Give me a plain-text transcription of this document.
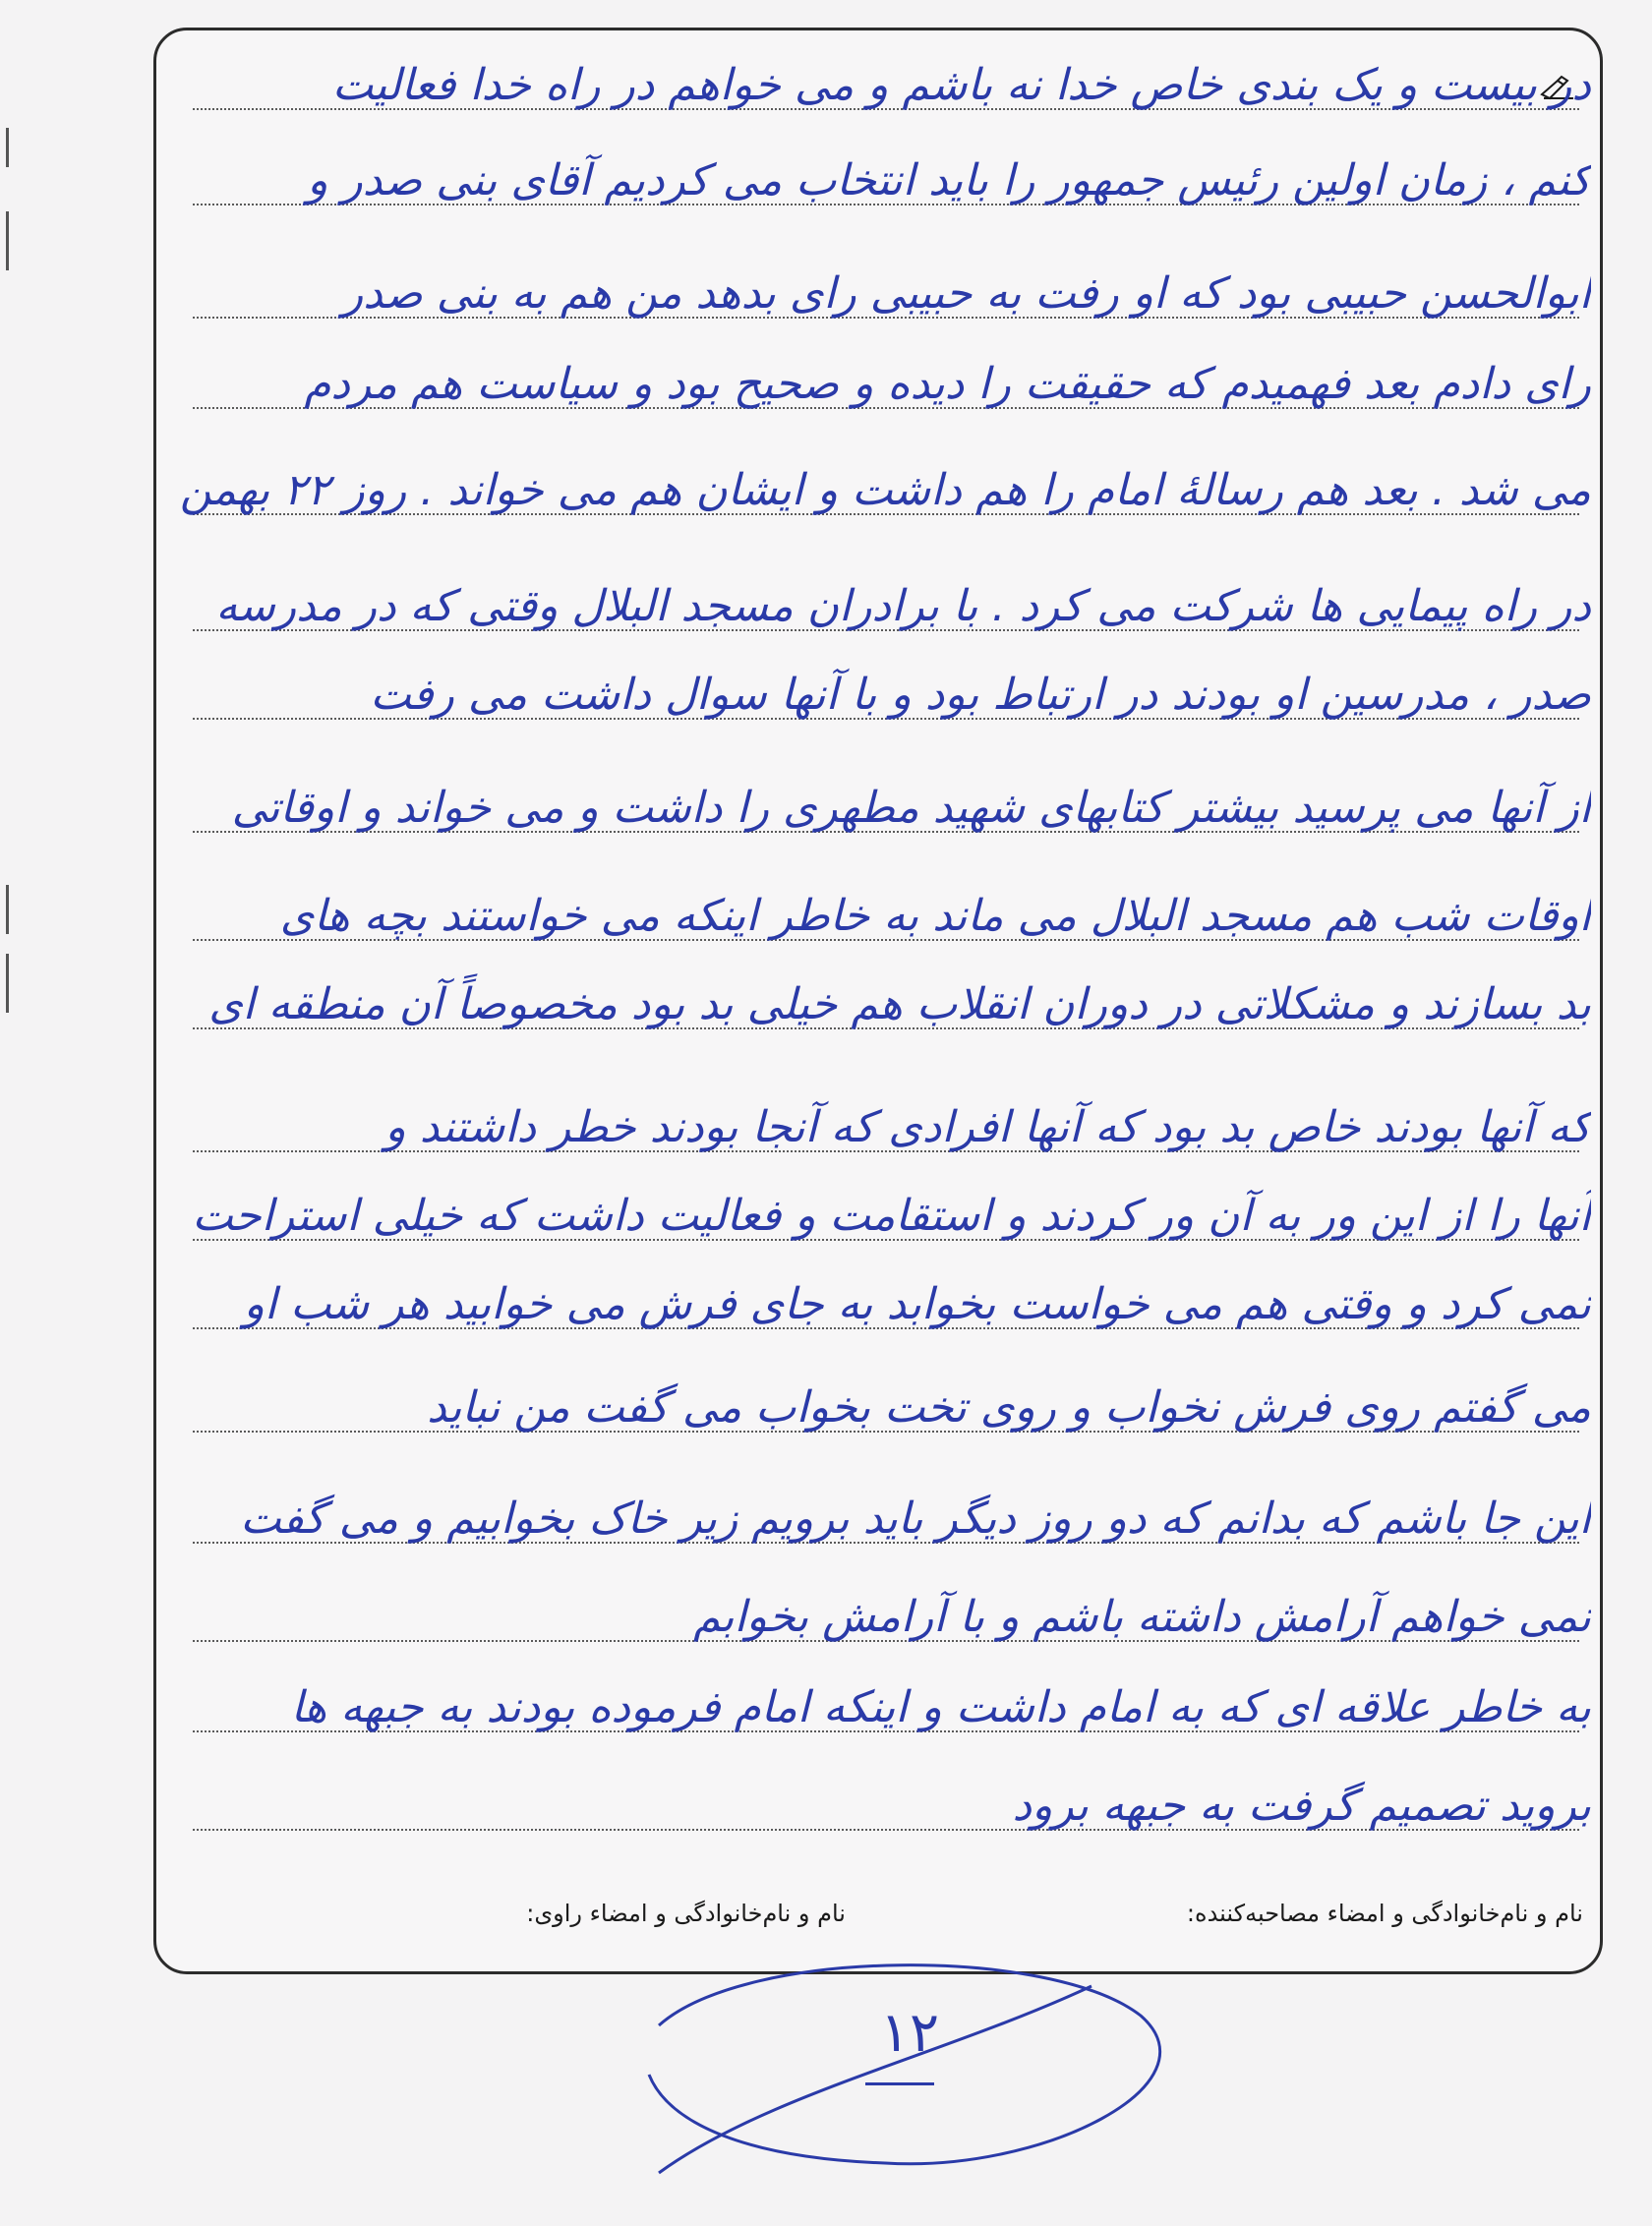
در بیست و یک بندی خاص خدا نه باشم و می خواهم در راه خدا فعالیت
کنم ، زمان اولین رئیس جمهور را باید انتخاب می کردیم آقای بنی صدر و
ابوالحسن حبیبی بود که او رفت به حبیبی رای بدهد من هم به بنی صدر
رای دادم بعد فهمیدم که حقیقت را دیده و صحیح بود و سیاست هم مردم
می شد . بعد هم رسالۀ امام را هم داشت و ایشان هم می خواند . روز ۲۲ بهمن
در راه پیمایی ها شرکت می کرد . با برادران مسجد البلال وقتی که در مدرسه
صدر ، مدرسین او بودند در ارتباط بود و با آنها سوال داشت می رفت
از آنها می پرسید بیشتر کتابهای شهید مطهری را داشت و می خواند و اوقاتی
اوقات شب هم مسجد البلال می ماند به خاطر اینکه می خواستند بچه های
بد بسازند و مشکلاتی در دوران انقلاب هم خیلی بد بود مخصوصاً آن منطقه ای
که آنها بودند خاص بد بود که آنها افرادی که آنجا بودند خطر داشتند و
آنها را از این ور به آن ور کردند و استقامت و فعالیت داشت که خیلی استراحت
نمی کرد و وقتی هم می خواست بخوابد به جای فرش می خوابید هر شب او
می گفتم روی فرش نخواب و روی تخت بخواب می گفت من نباید
این جا باشم که بدانم که دو روز دیگر باید برویم زیر خاک بخوابیم و می گفت
نمی خواهم آرامش داشته باشم و با آرامش بخوابم
به خاطر علاقه ای که به امام داشت و اینکه امام فرموده بودند به جبهه ها
بروید تصمیم گرفت به جبهه برود
نام و نام‌خانوادگی و امضاء مصاحبه‌کننده:
نام و نام‌خانوادگی و امضاء راوی:
۱۲
